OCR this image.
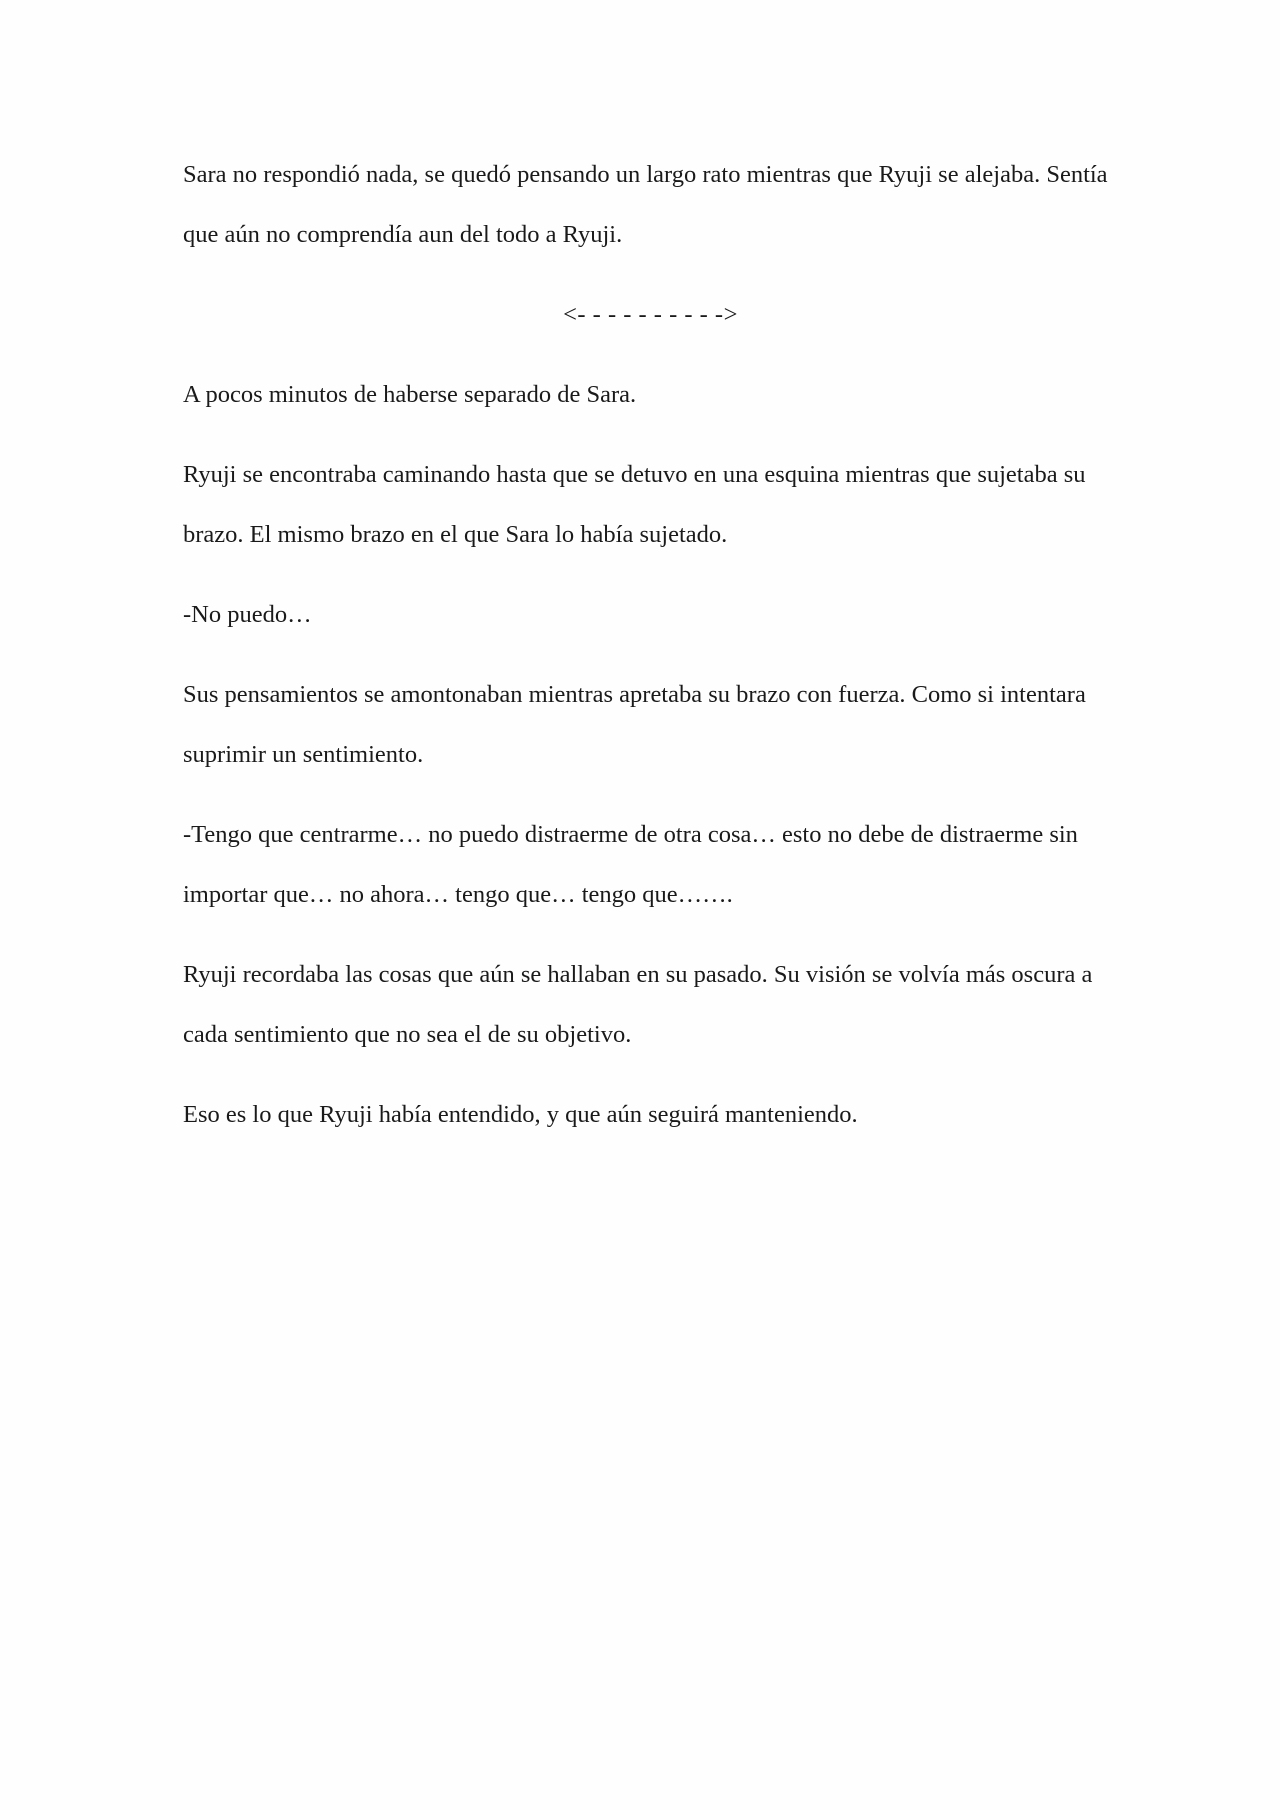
Sara no respondió nada, se quedó pensando un largo rato mientras que Ryuji se alejaba. Sentía que aún no comprendía aun del todo a Ryuji.

<- - - - - - - - - ->

A pocos minutos de haberse separado de Sara.

Ryuji se encontraba caminando hasta que se detuvo en una esquina mientras que sujetaba su brazo. El mismo brazo en el que Sara lo había sujetado.

-No puedo…

Sus pensamientos se amontonaban mientras apretaba su brazo con fuerza. Como si intentara suprimir un sentimiento.

-Tengo que centrarme… no puedo distraerme de otra cosa… esto no debe de distraerme sin importar que… no ahora… tengo que… tengo que…….

Ryuji recordaba las cosas que aún se hallaban en su pasado. Su visión se volvía más oscura a cada sentimiento que no sea el de su objetivo.

Eso es lo que Ryuji había entendido, y que aún seguirá manteniendo.
